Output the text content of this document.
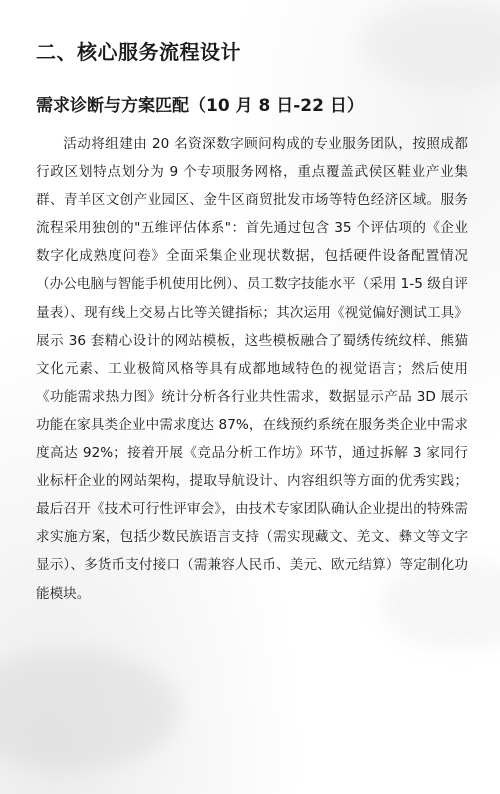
二、核心服务流程设计
需求诊断与方案匹配（10 月 8 日-22 日）

活动将组建由 20 名资深数字顾问构成的专业服务团队，按照成都行政区划特点划分为 9 个专项服务网格，重点覆盖武侯区鞋业产业集群、青羊区文创产业园区、金牛区商贸批发市场等特色经济区域。服务流程采用独创的"五维评估体系"：首先通过包含 35 个评估项的《企业数字化成熟度问卷》全面采集企业现状数据，包括硬件设备配置情况（办公电脑与智能手机使用比例）、员工数字技能水平（采用 1-5 级自评量表）、现有线上交易占比等关键指标；其次运用《视觉偏好测试工具》展示 36 套精心设计的网站模板，这些模板融合了蜀绣传统纹样、熊猫文化元素、工业极简风格等具有成都地域特色的视觉语言；然后使用《功能需求热力图》统计分析各行业共性需求，数据显示产品 3D 展示功能在家具类企业中需求度达 87%，在线预约系统在服务类企业中需求度高达 92%；接着开展《竞品分析工作坊》环节，通过拆解 3 家同行业标杆企业的网站架构，提取导航设计、内容组织等方面的优秀实践；最后召开《技术可行性评审会》，由技术专家团队确认企业提出的特殊需求实施方案，包括少数民族语言支持（需实现藏文、羌文、彝文等文字显示）、多货币支付接口（需兼容人民币、美元、欧元结算）等定制化功能模块。
